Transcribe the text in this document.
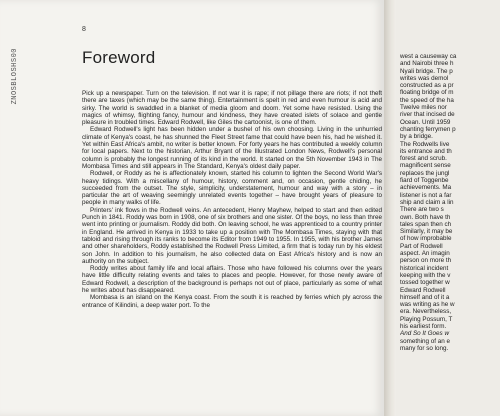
ZNOSBLOSHS00
8
Foreword

Pick up a newspaper. Turn on the television. If not war it is rape; if not pillage there are riots; if not theft there are taxes (which may be the same thing). Entertainment is spelt in red and even humour is acid and sirky. The world is swaddled in a blanket of media gloom and doom. Yet some have resisted. Using the magics of whimsy, flighting fancy, humour and kindness, they have created islets of solace and gentle pleasure in troubled times. Edward Rodwell, like Giles the cartoonist, is one of them.

Edward Rodwell's light has been hidden under a bushel of his own choosing. Living in the unhurried climate of Kenya's coast, he has shunned the Fleet Street fame that could have been his, had he wished it. Yet within East Africa's ambit, no writer is better known. For forty years he has contributed a weekly column for local papers. Next to the historian, Arthur Bryant of the Illustrated London News, Rodwell's personal column is probably the longest running of its kind in the world. It started on the 5th November 1943 in The Mombasa Times and still appears in The Standard, Kenya's oldest daily paper.

Rodwell, or Roddy as he is affectionately known, started his column to lighten the Second World War's heavy tidings. With a miscellany of humour, history, comment and, on occasion, gentle chiding, he succeeded from the outset. The style, simplicity, understatement, humour and way with a story – in particular the art of weaving seemingly unrelated events together – have brought years of pleasure to people in many walks of life.

Printers' ink flows in the Rodwell veins. An antecedent, Henry Mayhew, helped to start and then edited Punch in 1841. Roddy was born in 1908, one of six brothers and one sister. Of the boys, no less than three went into printing or journalism. Roddy did both. On leaving school, he was apprenticed to a country printer in England. He arrived in Kenya in 1933 to take up a position with The Mombasa Times, staying with that tabloid and rising through its ranks to become its Editor from 1949 to 1955. In 1955, with his brother James and other shareholders, Roddy established the Rodwell Press Limited, a firm that is today run by his eldest son John. In addition to his journalism, he also collected data on East Africa's history and is now an authority on the subject.

Roddy writes about family life and local affairs. Those who have followed his columns over the years have little difficulty relating events and tales to places and people. However, for those newly aware of Edward Rodwell, a description of the background is perhaps not out of place, particularly as some of what he writes about has disappeared.

Mombasa is an island on the Kenya coast. From the south it is reached by ferries which ply across the entrance of Kilindini, a deep water port. To the

west a causeway ca
and Nairobi three h
Nyali bridge. The p
writes was demol
constructed as a pr
floating bridge of m
the speed of the ha
Twelve miles nor
river that incised de
Ocean. Until 1959
chanting ferrymen p
by a bridge.
The Rodwells live
its entrance and th
forest and scrub.
magnificent sense
replaces the jungl
fiard of Toggenbe
achievements. Ma
listener is not a far
ship and claim a lin
There are two s
own. Both have th
tales span then ch
Similarly, it may be
of how improbable
Part of Rodwell
aspect. An imagin
person on more th
historical incident
keeping with the v
tossed together w
Edward Rodwell
himself and of it a
was writing as he w
era. Nevertheless,
Playing Possum, T
his earliest form.
And So It Goes w
something of an e
many for so long.
